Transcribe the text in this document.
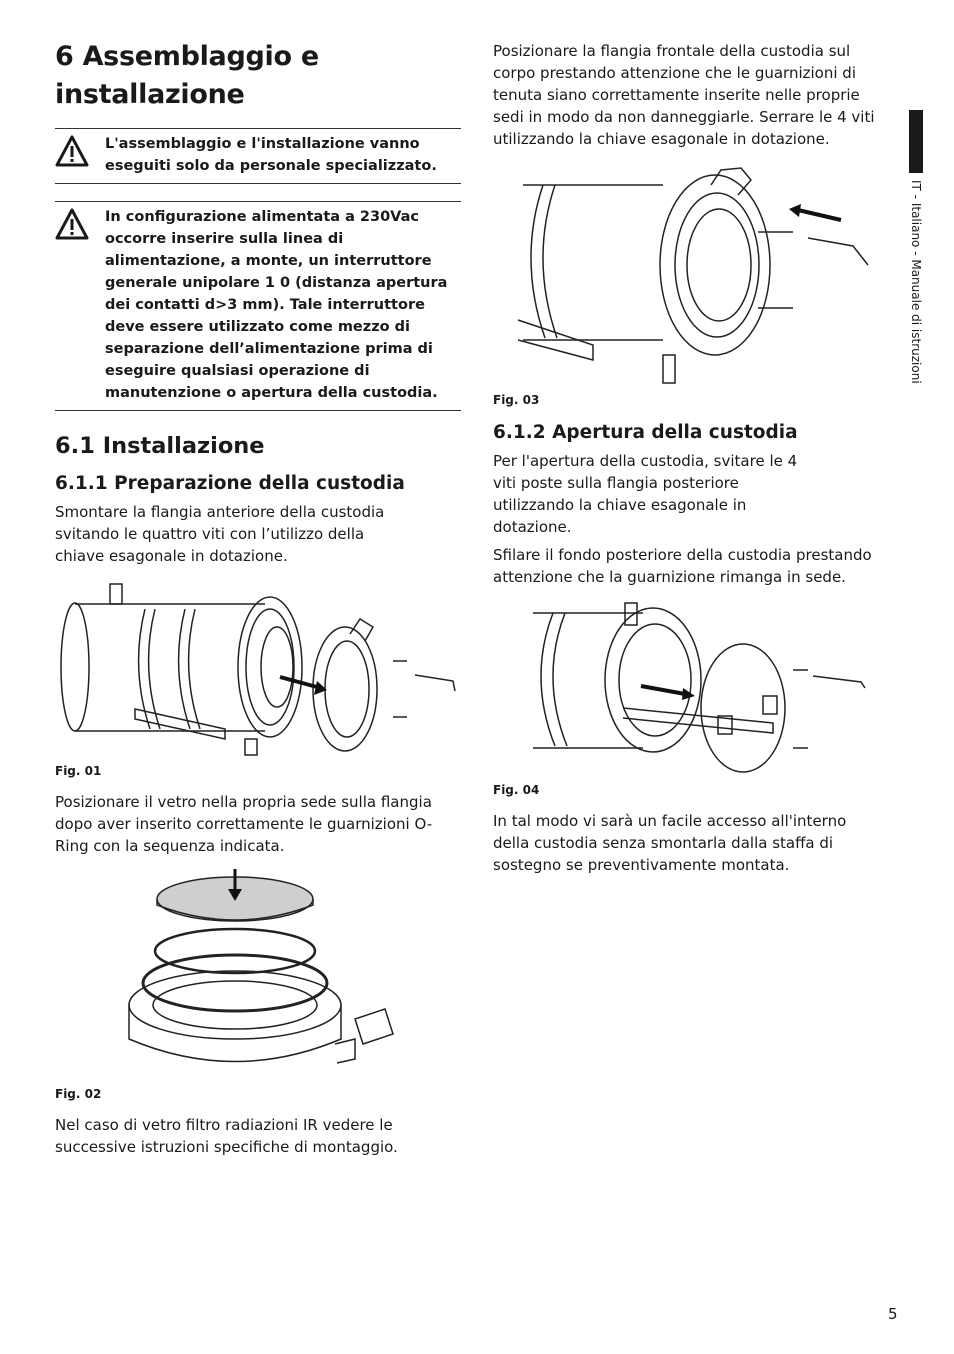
IT - Italiano - Manuale di istruzioni
6 Assemblaggio e
installazione
L'assemblaggio e l'installazione vanno eseguiti solo da personale specializzato.
In configurazione alimentata a 230Vac occorre inserire sulla linea di alimentazione, a monte, un interruttore generale unipolare 1 0 (distanza apertura dei contatti d>3 mm). Tale interruttore deve essere utilizzato come mezzo di separazione dell’alimentazione prima di eseguire qualsiasi operazione di manutenzione o apertura della custodia.
6.1 Installazione
6.1.1 Preparazione della custodia

Smontare la flangia anteriore della custodia svitando le quattro viti con l’utilizzo della chiave esagonale in dotazione.

Fig. 01

Posizionare il vetro nella propria sede sulla flangia dopo aver inserito correttamente le guarnizioni O-Ring con la sequenza indicata.

Fig. 02

Nel caso di vetro filtro radiazioni IR vedere le successive istruzioni specifiche di montaggio.

Posizionare la flangia frontale della custodia sul corpo prestando attenzione che le guarnizioni di tenuta siano correttamente inserite nelle proprie sedi in modo da non danneggiarle. Serrare le 4 viti utilizzando la chiave esagonale in dotazione.

Fig. 03
6.1.2 Apertura della custodia

Per l'apertura della custodia, svitare le 4 viti poste sulla flangia posteriore utilizzando la chiave esagonale in dotazione.

Sfilare il fondo posteriore della custodia prestando attenzione che la guarnizione rimanga in sede.

Fig. 04

In tal modo vi sarà un facile accesso all'interno della custodia senza smontarla dalla staffa di sostegno se preventivamente montata.

5
